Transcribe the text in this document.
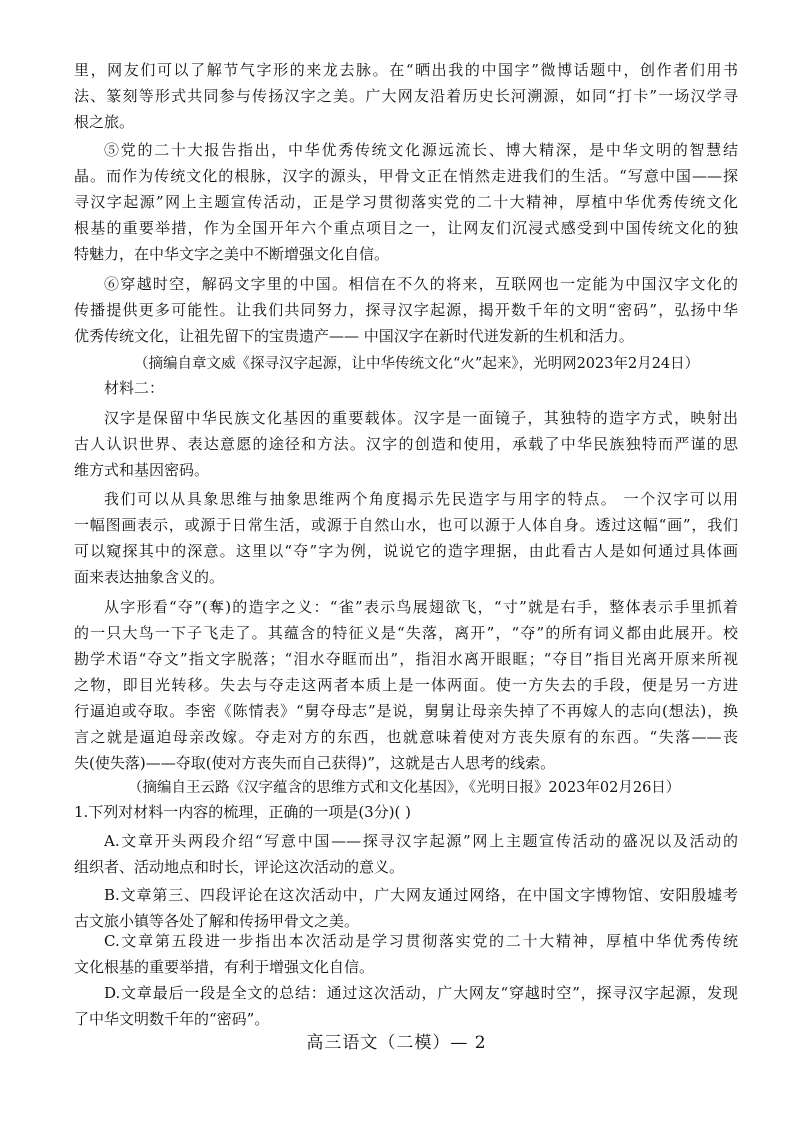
里，网友们可以了解节气字形的来龙去脉。在“晒出我的中国字”微博话题中，创作者们用书
法、篆刻等形式共同参与传扬汉字之美。广大网友沿着历史长河溯源，如同“打卡”一场汉学寻
根之旅。
⑤党的二十大报告指出，中华优秀传统文化源远流长、博大精深，是中华文明的智慧结
晶。而作为传统文化的根脉，汉字的源头，甲骨文正在悄然走进我们的生活。“写意中国——探
寻汉字起源”网上主题宣传活动，正是学习贯彻落实党的二十大精神，厚植中华优秀传统文化
根基的重要举措，作为全国开年六个重点项目之一，让网友们沉浸式感受到中国传统文化的独
特魅力，在中华文字之美中不断增强文化自信。
⑥穿越时空，解码文字里的中国。相信在不久的将来，互联网也一定能为中国汉字文化的
传播提供更多可能性。让我们共同努力，探寻汉字起源，揭开数千年的文明“密码”，弘扬中华
优秀传统文化，让祖先留下的宝贵遗产—— 中国汉字在新时代迸发新的生机和活力。
（摘编自章文威《探寻汉字起源，让中华传统文化“火”起来》，光明网2023年2月24日）
材料二：
汉字是保留中华民族文化基因的重要载体。汉字是一面镜子，其独特的造字方式，映射出
古人认识世界、表达意愿的途径和方法。汉字的创造和使用，承载了中华民族独特而严谨的思
维方式和基因密码。
我们可以从具象思维与抽象思维两个角度揭示先民造字与用字的特点。 一个汉字可以用
一幅图画表示，或源于日常生活，或源于自然山水，也可以源于人体自身。透过这幅“画”，我们
可以窥探其中的深意。这里以“夺”字为例，说说它的造字理据，由此看古人是如何通过具体画
面来表达抽象含义的。
从字形看“夺”(奪)的造字之义：“雀”表示鸟展翅欲飞，“寸”就是右手，整体表示手里抓着
的一只大鸟一下子飞走了。其蕴含的特征义是“失落，离开”，“夺”的所有词义都由此展开。校
勘学术语“夺文”指文字脱落；“泪水夺眶而出”，指泪水离开眼眶；“夺目”指目光离开原来所视
之物，即目光转移。失去与夺走这两者本质上是一体两面。使一方失去的手段，便是另一方进
行逼迫或夺取。李密《陈情表》“舅夺母志”是说，舅舅让母亲失掉了不再嫁人的志向(想法)，换
言之就是逼迫母亲改嫁。夺走对方的东西，也就意味着使对方丧失原有的东西。“失落——丧
失(使失落)——夺取(使对方丧失而自己获得)”，这就是古人思考的线索。
（摘编自王云路《汉字蕴含的思维方式和文化基因》，《光明日报》2023年02月26日）
1.下列对材料一内容的梳理，正确的一项是(3分)( )
A.文章开头两段介绍“写意中国——探寻汉字起源”网上主题宣传活动的盛况以及活动的
组织者、活动地点和时长，评论这次活动的意义。
B.文章第三、四段评论在这次活动中，广大网友通过网络，在中国文字博物馆、安阳殷墟考
古文旅小镇等各处了解和传扬甲骨文之美。
C.文章第五段进一步指出本次活动是学习贯彻落实党的二十大精神，厚植中华优秀传统
文化根基的重要举措，有利于增强文化自信。
D.文章最后一段是全文的总结：通过这次活动，广大网友“穿越时空”，探寻汉字起源，发现
了中华文明数千年的“密码”。
高三语文（二模）— 2
